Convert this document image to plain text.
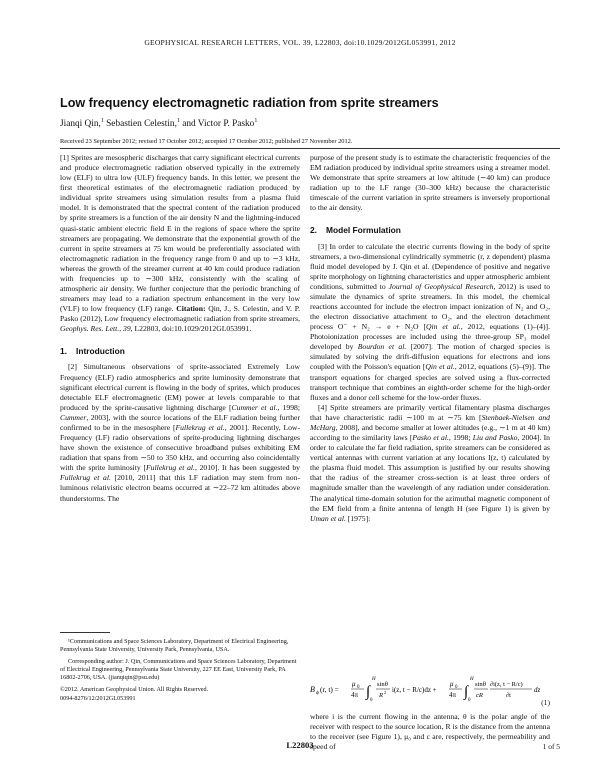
GEOPHYSICAL RESEARCH LETTERS, VOL. 39, L22803, doi:10.1029/2012GL053991, 2012
Low frequency electromagnetic radiation from sprite streamers
Jianqi Qin,$^1$ Sebastien Celestin,$^1$ and Victor P. Pasko$^1$
Received 23 September 2012; revised 17 October 2012; accepted 17 October 2012; published 27 November 2012.

[1] Sprites are mesospheric discharges that carry significant electrical currents and produce electromagnetic radiation observed typically in the extremely low (ELF) to ultra low (ULF) frequency bands. In this letter, we present the first theoretical estimates of the electromagnetic radiation produced by individual sprite streamers using simulation results from a plasma fluid model. It is demonstrated that the spectral content of the radiation produced by sprite streamers is a function of the air density N and the lightning-induced quasi-static ambient electric field E in the regions of space where the sprite streamers are propagating. We demonstrate that the exponential growth of the current in sprite streamers at 75 km would be preferentially associated with electromagnetic radiation in the frequency range from 0 and up to ∼3 kHz, whereas the growth of the streamer current at 40 km could produce radiation with frequencies up to ∼300 kHz, consistently with the scaling of atmospheric air density. We further conjecture that the periodic branching of streamers may lead to a radiation spectrum enhancement in the very low (VLF) to low frequency (LF) range. Citation: Qin, J., S. Celestin, and V. P. Pasko (2012), Low frequency electromagnetic radiation from sprite streamers, Geophys. Res. Lett., 39, L22803, doi:10.1029/2012GL053991.

1. Introduction

[2] Simultaneous observations of sprite-associated Extremely Low Frequency (ELF) radio atmospherics and sprite luminosity demonstrate that significant electrical current is flowing in the body of sprites, which produces detectable ELF electromagnetic (EM) power at levels comparable to that produced by the sprite-causative lightning discharge [Cummer et al., 1998; Cummer, 2003], with the source locations of the ELF radiation being further confirmed to be in the mesosphere [Fullekrug et al., 2001]. Recently, Low-Frequency (LF) radio observations of sprite-producing lightning discharges have shown the existence of consecutive broadband pulses exhibiting EM radiation that spans from ∼50 to 350 kHz, and occurring also coincidentally with the sprite luminosity [Fullekrug et al., 2010]. It has been suggested by Fullekrug et al. [2010, 2011] that this LF radiation may stem from non-luminous relativistic electron beams occurred at ∼22–72 km altitudes above thunderstorms. The

¹Communications and Space Sciences Laboratory, Department of Electrical Engineering, Pennsylvania State University, University Park, Pennsylvania, USA.

Corresponding author: J. Qin, Communications and Space Sciences Laboratory, Department of Electrical Engineering, Pennsylvania State University, 227 EE East, University Park, PA 16802-2706, USA. (jianqiqin@psu.edu)

©2012. American Geophysical Union. All Rights Reserved.

0094-8276/12/2012GL053991

purpose of the present study is to estimate the characteristic frequencies of the EM radiation produced by individual sprite streamers using a streamer model. We demonstrate that sprite streamers at low altitude (∼40 km) can produce radiation up to the LF range (30–300 kHz) because the characteristic timescale of the current variation in sprite streamers is inversely proportional to the air density.

2. Model Formulation

[3] In order to calculate the electric currents flowing in the body of sprite streamers, a two-dimensional cylindrically symmetric (r, z dependent) plasma fluid model developed by J. Qin et al. (Dependence of positive and negative sprite morphology on lightning characteristics and upper atmospheric ambient conditions, submitted to Journal of Geophysical Research, 2012) is used to simulate the dynamics of sprite streamers. In this model, the chemical reactions accounted for include the electron impact ionization of N₂ and O₂, the electron dissociative attachment to O₂, and the electron detachment process O⁻ + N₂ → e + N₂O [Qin et al., 2012, equations (1)–(4)]. Photoionization processes are included using the three-group SP₃ model developed by Bourdon et al. [2007]. The motion of charged species is simulated by solving the drift-diffusion equations for electrons and ions coupled with the Poisson's equation [Qin et al., 2012, equations (5)–(9)]. The transport equations for charged species are solved using a flux-corrected transport technique that combines an eighth-order scheme for the high-order fluxes and a donor cell scheme for the low-order fluxes.

[4] Sprite streamers are primarily vertical filamentary plasma discharges that have characteristic radii ∼100 m at ∼75 km [Stenbaek-Nielsen and McHarg, 2008], and become smaller at lower altitudes (e.g., ∼1 m at 40 km) according to the similarity laws [Pasko et al., 1998; Liu and Pasko, 2004]. In order to calculate the far field radiation, sprite streamers can be considered as vertical antennas with current variation at any locations I(z, t) calculated by the plasma fluid model. This assumption is justified by our results showing that the radius of the streamer cross-section is at least three orders of magnitude smaller than the wavelength of any radiation under consideration. The analytical time-domain solution for the azimuthal magnetic component of the EM field from a finite antenna of length H (see Figure 1) is given by Uman et al. [1975]:

B ϕ (r, t) =
μ 0
4π ∫
H
0
sinθ
R 2 i(z, t − R/c)dz +
μ 0
4π ∫
H
0
sinθ
cR
∂i(z, t − R/c)
∂t
dz
(1)

where i is the current flowing in the antenna, θ is the polar angle of the receiver with respect to the source location, R is the distance from the antenna to the receiver (see Figure 1), μ₀ and c are, respectively, the permeability and speed of

L22803	1 of 5
